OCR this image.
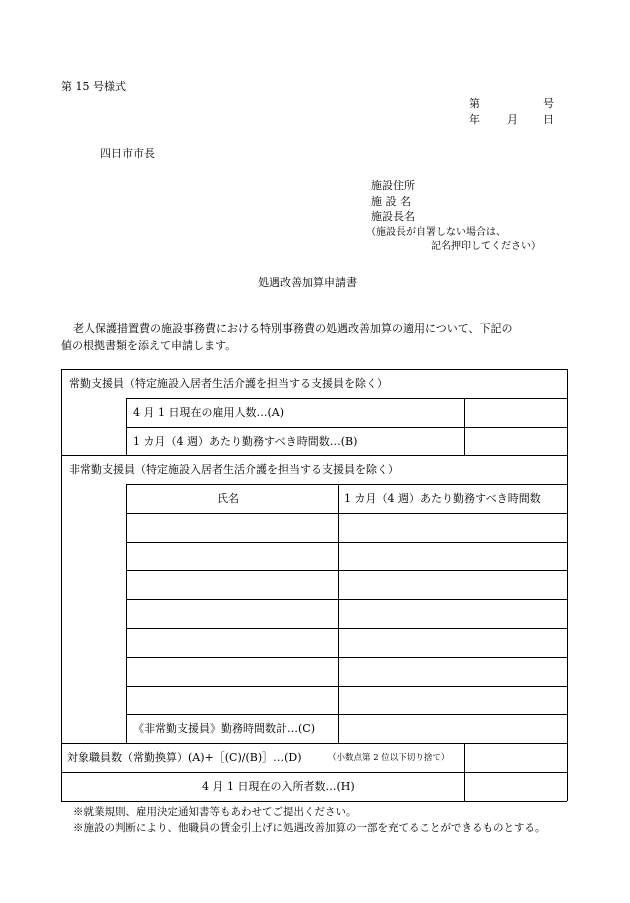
第 15 号様式
第	号
年 月 日
四日市市長
施設住所
施 設 名
施設長名
（施設長が自署しない場合は、
記名押印してください）
処遇改善加算申請書
老人保護措置費の施設事務費における特別事務費の処遇改善加算の適用について、下記の
値の根拠書類を添えて申請します。
常勤支援員（特定施設入居者生活介護を担当する支援員を除く）
4 月 1 日現在の雇用人数…(A)
1 カ月（4 週）あたり勤務すべき時間数…(B)
非常勤支援員（特定施設入居者生活介護を担当する支援員を除く）
氏名	1 カ月（4 週）あたり勤務すべき時間数
《非常勤支援員》勤務時間数計…(C)
対象職員数（常勤換算）(A)+［(C)/(B)］…(D)	（小数点第 2 位以下切り捨て）
4 月 1 日現在の入所者数…(H)
※就業規則、雇用決定通知書等もあわせてご提出ください。
※施設の判断により、他職員の賃金引上げに処遇改善加算の一部を充てることができるものとする。
